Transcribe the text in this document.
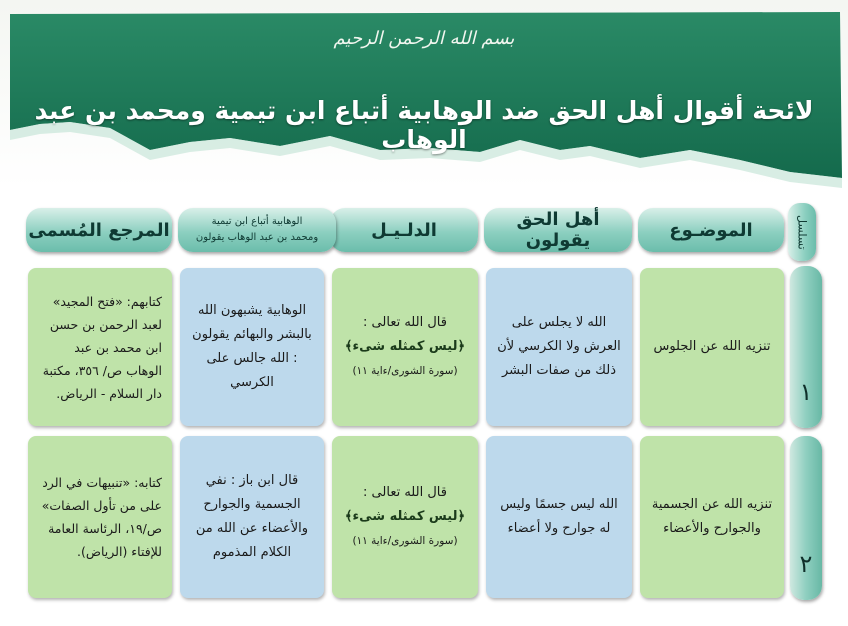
بسم الله الرحمن الرحيم
لائحة أقوال أهل الحق ضد الوهابية أتباع ابن تيمية ومحمد بن عبد الوهاب
تسلسل
الموضـوع
أهل الحق يقولون
الدلـيـل
الوهابية أتباع ابن تيمية
ومحمد بن عبد الوهاب يقولون
المرجع المُسمى
١
تنزيه الله عن الجلوس
الله لا يجلس على العرش ولا الكرسي لأن ذلك من صفات البشر
قال الله تعالى :
﴿ليس كمثله شىء﴾
(سورة الشورى/ءاية ١١)
الوهابية يشبهون الله بالبشر والبهائم يقولون : الله جالس على الكرسي
كتابهم: «فتح المجيد» لعبد الرحمن بن حسن ابن محمد بن عبد الوهاب ص/ ٣٥٦، مكتبة دار السلام - الرياض.
٢
تنزيه الله عن الجسمية والجوارح والأعضاء
الله ليس جسمًا وليس له جوارح ولا أعضاء
قال الله تعالى :
﴿ليس كمثله شىء﴾
(سورة الشورى/ءاية ١١)
قال ابن باز : نفي الجسمية والجوارح والأعضاء عن الله من الكلام المذموم
كتابه: «تنبيهات في الرد على من تأول الصفات» ص/١٩، الرئاسة العامة للإفتاء (الرياض).
